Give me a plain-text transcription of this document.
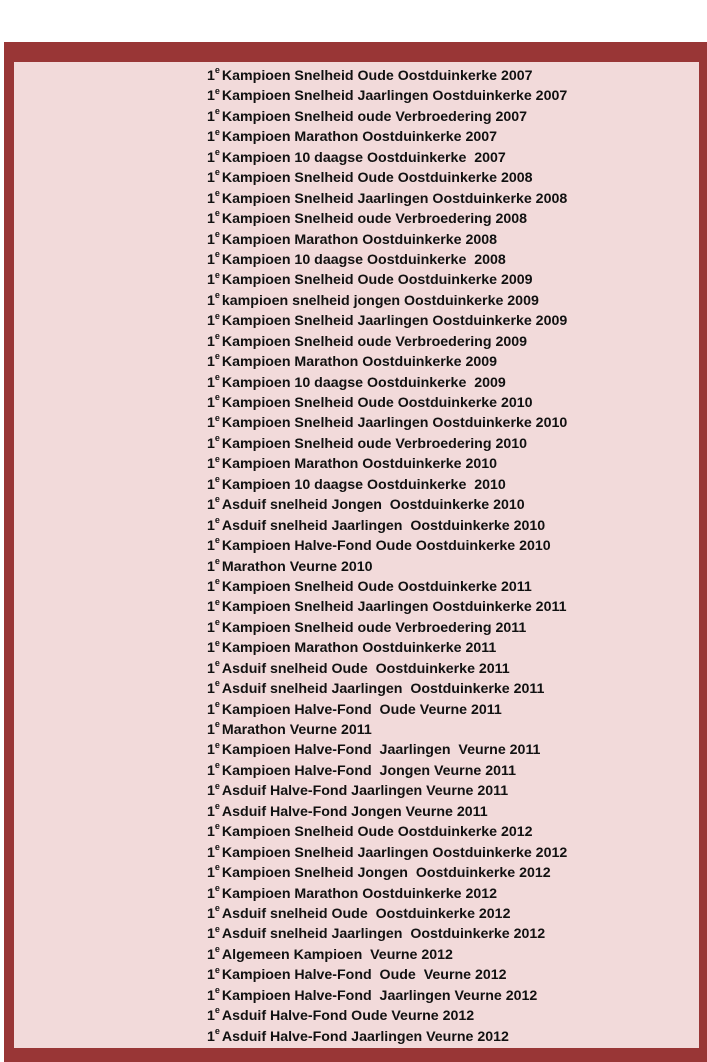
1e Kampioen Snelheid Oude Oostduinkerke 2007
1e Kampioen Snelheid Jaarlingen Oostduinkerke 2007
1e Kampioen Snelheid oude Verbroedering 2007
1e Kampioen Marathon Oostduinkerke 2007
1e Kampioen 10 daagse Oostduinkerke  2007
1e Kampioen Snelheid Oude Oostduinkerke 2008
1e Kampioen Snelheid Jaarlingen Oostduinkerke 2008
1e Kampioen Snelheid oude Verbroedering 2008
1e Kampioen Marathon Oostduinkerke 2008
1e Kampioen 10 daagse Oostduinkerke  2008
1e Kampioen Snelheid Oude Oostduinkerke 2009
1e kampioen snelheid jongen Oostduinkerke 2009
1e Kampioen Snelheid Jaarlingen Oostduinkerke 2009
1e Kampioen Snelheid oude Verbroedering 2009
1e Kampioen Marathon Oostduinkerke 2009
1e Kampioen 10 daagse Oostduinkerke  2009
1e Kampioen Snelheid Oude Oostduinkerke 2010
1e Kampioen Snelheid Jaarlingen Oostduinkerke 2010
1e Kampioen Snelheid oude Verbroedering 2010
1e Kampioen Marathon Oostduinkerke 2010
1e Kampioen 10 daagse Oostduinkerke  2010
1e Asduif snelheid Jongen  Oostduinkerke 2010
1e Asduif snelheid Jaarlingen  Oostduinkerke 2010
1e Kampioen Halve-Fond Oude Oostduinkerke 2010
1e Marathon Veurne 2010
1e Kampioen Snelheid Oude Oostduinkerke 2011
1e Kampioen Snelheid Jaarlingen Oostduinkerke 2011
1e Kampioen Snelheid oude Verbroedering 2011
1e Kampioen Marathon Oostduinkerke 2011
1e Asduif snelheid Oude  Oostduinkerke 2011
1e Asduif snelheid Jaarlingen  Oostduinkerke 2011
1e Kampioen Halve-Fond  Oude Veurne 2011
1e Marathon Veurne 2011
1e Kampioen Halve-Fond  Jaarlingen  Veurne 2011
1e Kampioen Halve-Fond  Jongen Veurne 2011
1e Asduif Halve-Fond Jaarlingen Veurne 2011
1e Asduif Halve-Fond Jongen Veurne 2011
1e Kampioen Snelheid Oude Oostduinkerke 2012
1e Kampioen Snelheid Jaarlingen Oostduinkerke 2012
1e Kampioen Snelheid Jongen  Oostduinkerke 2012
1e Kampioen Marathon Oostduinkerke 2012
1e Asduif snelheid Oude  Oostduinkerke 2012
1e Asduif snelheid Jaarlingen  Oostduinkerke 2012
1e Algemeen Kampioen  Veurne 2012
1e Kampioen Halve-Fond  Oude  Veurne 2012
1e Kampioen Halve-Fond  Jaarlingen Veurne 2012
1e Asduif Halve-Fond Oude Veurne 2012
1e Asduif Halve-Fond Jaarlingen Veurne 2012
